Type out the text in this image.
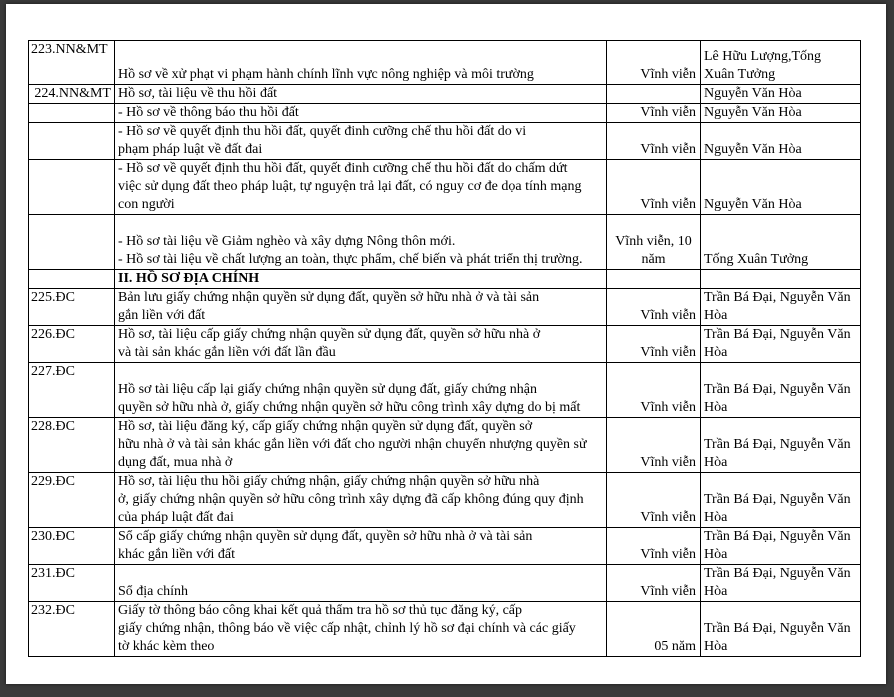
223.NN&MT	Hồ sơ về xử phạt vi phạm hành chính lĩnh vực nông nghiệp và môi trường	Vĩnh viễn	Lê Hữu Lượng,Tống
Xuân Tưởng

224.NN&MT	Hồ sơ, tài liệu về thu hồi đất		Nguyễn Văn Hòa

	- Hồ sơ về thông báo thu hồi đất	Vĩnh viễn	Nguyễn Văn Hòa

	- Hồ sơ về quyết định thu hồi đất, quyết đinh cưỡng chế thu hồi đất do vi
phạm pháp luật về đất đai	Vĩnh viễn	Nguyễn Văn Hòa

	- Hồ sơ về quyết định thu hồi đất, quyết đinh cưỡng chế thu hồi đất do chấm dứt
việc sử dụng đất theo pháp luật, tự nguyện trả lại đất, có nguy cơ đe dọa tính mạng
con người	Vĩnh viễn	Nguyễn Văn Hòa

	- Hồ sơ tài liệu về Giảm nghèo và xây dựng Nông thôn mới.
- Hồ sơ tài liệu về chất lượng an toàn, thực phẩm, chế biến và phát triển thị trường.	Vĩnh viễn, 10 năm	Tống Xuân Tưởng

	II. HỒ SƠ ĐỊA CHÍNH		
225.ĐC	Bản lưu giấy chứng nhận quyền sử dụng đất, quyền sở hữu nhà ở và tài sản
gắn liền với đất	Vĩnh viễn	Trần Bá Đại, Nguyễn Văn
Hòa

226.ĐC	Hồ sơ, tài liệu cấp giấy chứng nhận quyền sử dụng đất, quyền sở hữu nhà ở
và tài sản khác gắn liền với đất lần đầu	Vĩnh viễn	Trần Bá Đại, Nguyễn Văn
Hòa

227.ĐC	Hồ sơ tài liệu cấp lại giấy chứng nhận quyền sử dụng đất, giấy chứng nhận
quyền sở hữu nhà ở, giấy chứng nhận quyền sở hữu công trình xây dựng do bị mất	Vĩnh viễn	Trần Bá Đại, Nguyễn Văn
Hòa

228.ĐC	Hồ sơ, tài liệu đăng ký, cấp giấy chứng nhận quyền sử dụng đất, quyền sở
hữu nhà ở và tài sản khác gắn liền với đất cho người nhận chuyển nhượng quyền sử
dụng đất, mua nhà ở	Vĩnh viễn	Trần Bá Đại, Nguyễn Văn
Hòa

229.ĐC	Hồ sơ, tài liệu thu hồi giấy chứng nhận, giấy chứng nhận quyền sở hữu nhà
ở, giấy chứng nhận quyền sở hữu công trình xây dựng đã cấp không đúng quy định
của pháp luật đất đai	Vĩnh viễn	Trần Bá Đại, Nguyễn Văn
Hòa

230.ĐC	Sổ cấp giấy chứng nhận quyền sử dụng đất, quyền sở hữu nhà ở và tài sản
khác gắn liền với đất	Vĩnh viễn	Trần Bá Đại, Nguyễn Văn
Hòa

231.ĐC	Sổ địa chính	Vĩnh viễn	Trần Bá Đại, Nguyễn Văn
Hòa

232.ĐC	Giấy tờ thông báo công khai kết quả thẩm tra hồ sơ thủ tục đăng ký, cấp
giấy chứng nhận, thông báo về việc cấp nhật, chỉnh lý hồ sơ đại chính và các giấy
tờ khác kèm theo	05 năm	Trần Bá Đại, Nguyễn Văn
Hòa
